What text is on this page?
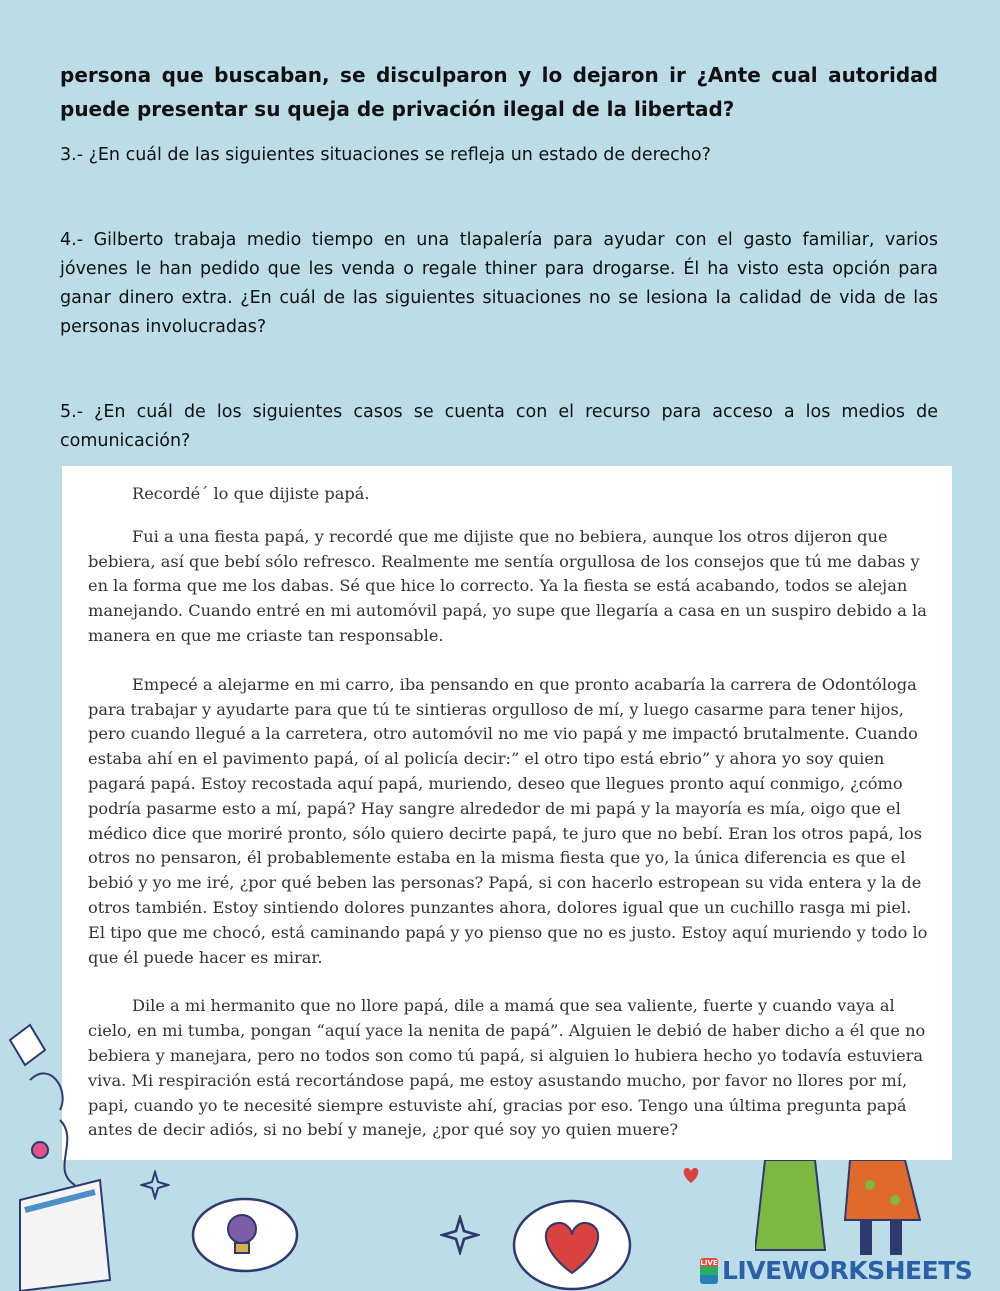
persona que buscaban, se disculparon y lo dejaron ir ¿Ante cual autoridad puede presentar su queja de privación ilegal de la libertad?
3.- ¿En cuál de las siguientes situaciones se refleja un estado de derecho?
4.- Gilberto trabaja medio tiempo en una tlapalería para ayudar con el gasto familiar, varios jóvenes le han pedido que les venda o regale thiner para drogarse. Él ha visto esta opción para ganar dinero extra. ¿En cuál de las siguientes situaciones no se lesiona la calidad de vida de las personas involucradas?
5.- ¿En cuál de los siguientes casos se cuenta con el recurso para acceso a los medios de comunicación?

Recordé´ lo que dijiste papá.

Fui a una fiesta papá, y recordé que me dijiste que no bebiera, aunque los otros dijeron que bebiera, así que bebí sólo refresco. Realmente me sentía orgullosa de los consejos que tú me dabas y en la forma que me los dabas. Sé que hice lo correcto. Ya la fiesta se está acabando, todos se alejan manejando. Cuando entré en mi automóvil papá, yo supe que llegaría a casa en un suspiro debido a la manera en que me criaste tan responsable.

Empecé a alejarme en mi carro, iba pensando en que pronto acabaría la carrera de Odontóloga para trabajar y ayudarte para que tú te sintieras orgulloso de mí, y luego casarme para tener hijos, pero cuando llegué a la carretera, otro automóvil no me vio papá y me impactó brutalmente. Cuando estaba ahí en el pavimento papá, oí al policía decir:” el otro tipo está ebrio” y ahora yo soy quien pagará papá. Estoy recostada aquí papá, muriendo, deseo que llegues pronto aquí conmigo, ¿cómo podría pasarme esto a mí, papá? Hay sangre alrededor de mi papá y la mayoría es mía, oigo que el médico dice que moriré pronto, sólo quiero decirte papá, te juro que no bebí. Eran los otros papá, los otros no pensaron, él probablemente estaba en la misma fiesta que yo, la única diferencia es que el bebió y yo me iré, ¿por qué beben las personas? Papá, si con hacerlo estropean su vida entera y la de otros también. Estoy sintiendo dolores punzantes ahora, dolores igual que un cuchillo rasga mi piel. El tipo que me chocó, está caminando papá y yo pienso que no es justo. Estoy aquí muriendo y todo lo que él puede hacer es mirar.

Dile a mi hermanito que no llore papá, dile a mamá que sea valiente, fuerte y cuando vaya al cielo, en mi tumba, pongan “aquí yace la nenita de papá”. Alguien le debió de haber dicho a él que no bebiera y manejara, pero no todos son como tú papá, si alguien lo hubiera hecho yo todavía estuviera viva. Mi respiración está recortándose papá, me estoy asustando mucho, por favor no llores por mí, papi, cuando yo te necesité siempre estuviste ahí, gracias por eso. Tengo una última pregunta papá antes de decir adiós, si no bebí y maneje, ¿por qué soy yo quien muere?

LIVE LIVEWORKSHEETS
